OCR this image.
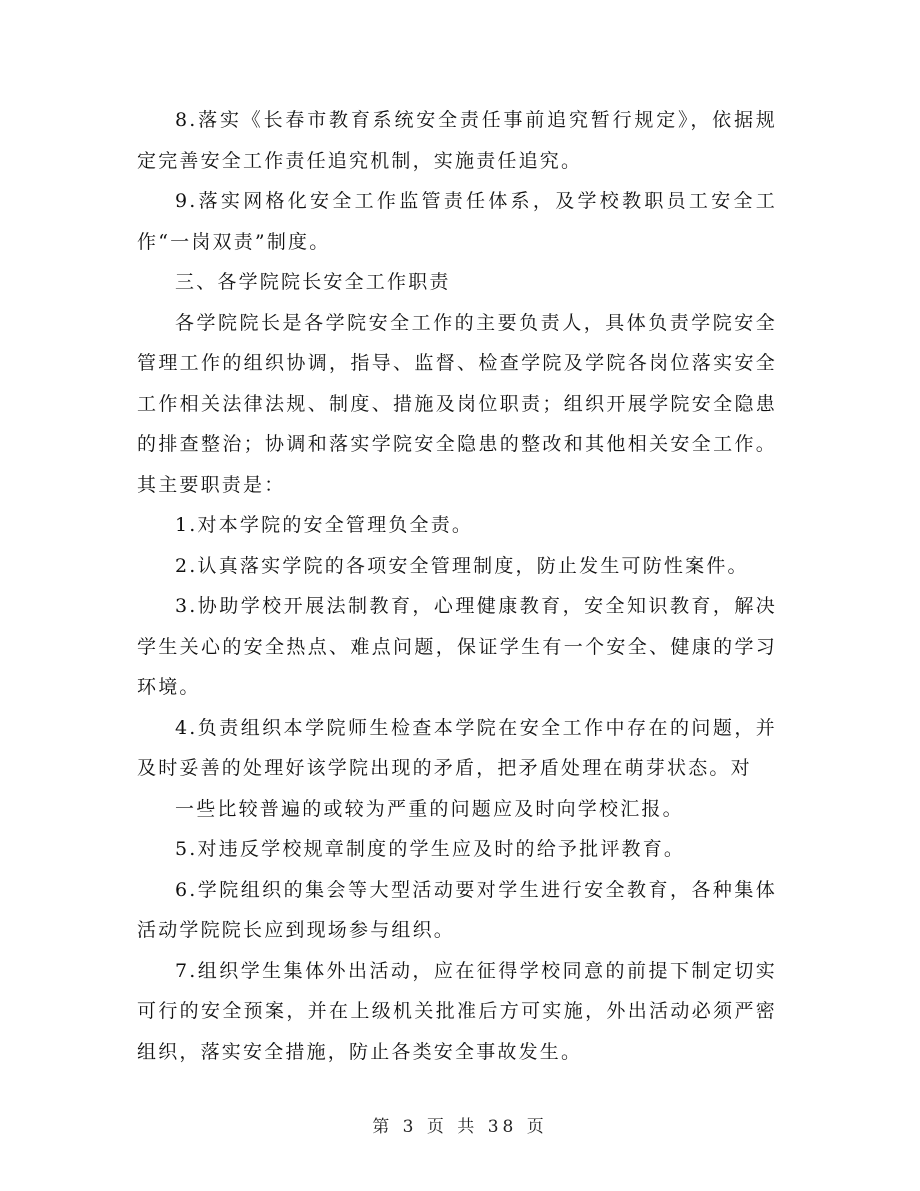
8.落实《长春市教育系统安全责任事前追究暂行规定》，依据规定完善安全工作责任追究机制，实施责任追究。

9.落实网格化安全工作监管责任体系，及学校教职员工安全工作“一岗双责”制度。

三、各学院院长安全工作职责

各学院院长是各学院安全工作的主要负责人，具体负责学院安全管理工作的组织协调，指导、监督、检查学院及学院各岗位落实安全工作相关法律法规、制度、措施及岗位职责；组织开展学院安全隐患的排查整治；协调和落实学院安全隐患的整改和其他相关安全工作。其主要职责是：

1.对本学院的安全管理负全责。

2.认真落实学院的各项安全管理制度，防止发生可防性案件。

3.协助学校开展法制教育，心理健康教育，安全知识教育，解决学生关心的安全热点、难点问题，保证学生有一个安全、健康的学习环境。

4.负责组织本学院师生检查本学院在安全工作中存在的问题，并及时妥善的处理好该学院出现的矛盾，把矛盾处理在萌芽状态。对

一些比较普遍的或较为严重的问题应及时向学校汇报。

5.对违反学校规章制度的学生应及时的给予批评教育。

6.学院组织的集会等大型活动要对学生进行安全教育，各种集体活动学院院长应到现场参与组织。

7.组织学生集体外出活动，应在征得学校同意的前提下制定切实可行的安全预案，并在上级机关批准后方可实施，外出活动必须严密组织，落实安全措施，防止各类安全事故发生。

第 3 页 共 38 页
